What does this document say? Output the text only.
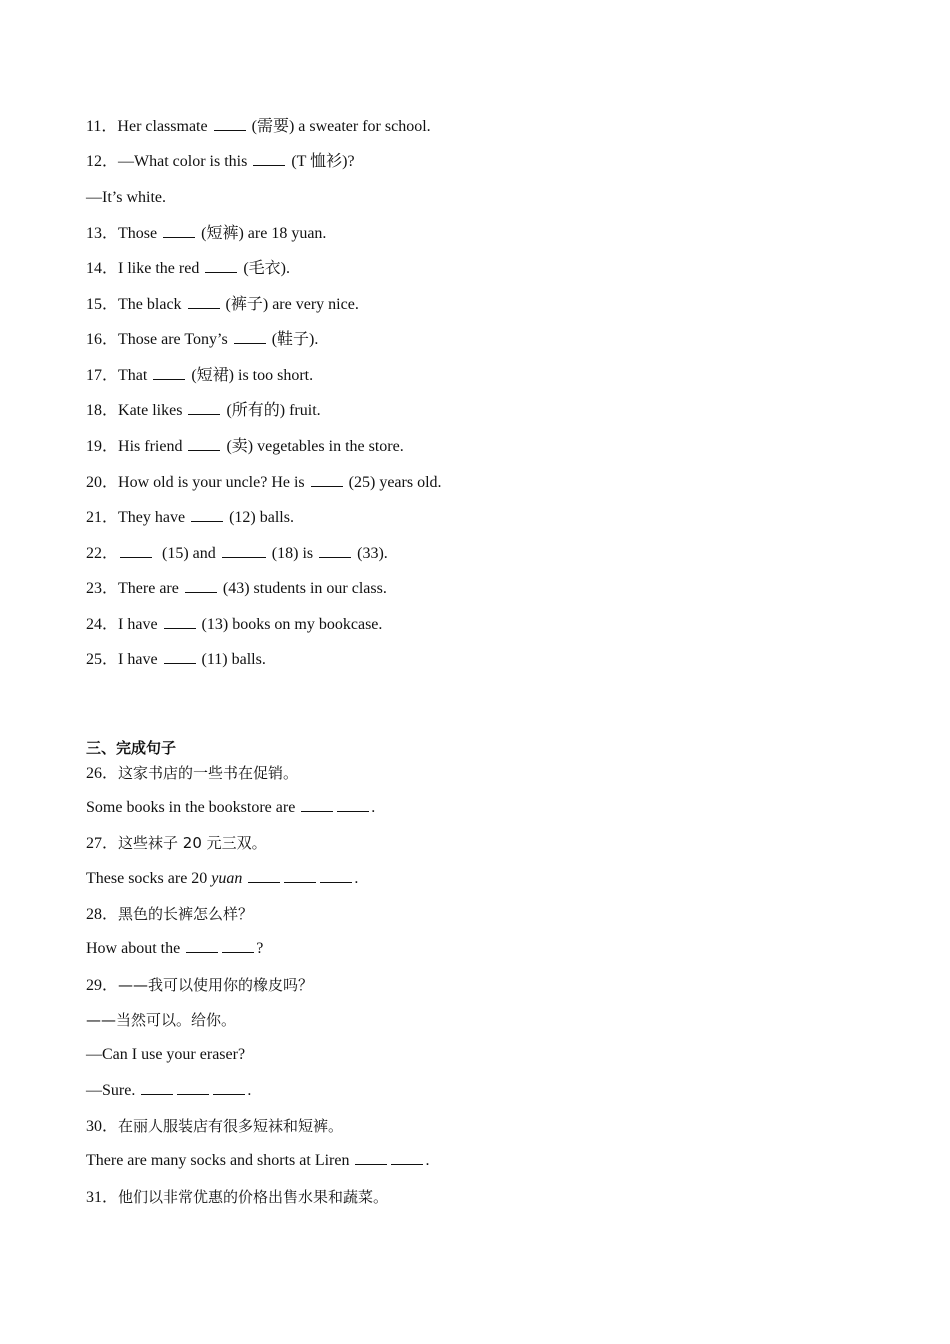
11．Her classmate  (需要) a sweater for school.

12．—What color is this  (T 恤衫)?

—It’s white.

13．Those  (短裤) are 18 yuan.

14．I like the red  (毛衣).

15．The black  (裤子) are very nice.

16．Those are Tony’s  (鞋子).

17．That  (短裙) is too short.

18．Kate likes  (所有的) fruit.

19．His friend  (卖) vegetables in the store.

20．How old is your uncle? He is  (25) years old.

21．They have  (12) balls.

22．  (15) and	(18) is  (33).

23．There are  (43) students in our class.

24．I have  (13) books on my bookcase.

25．I have  (11) balls.

三、完成句子

26．这家书店的一些书在促销。

Some books in the bookstore are	.

27．这些袜子 20 元三双。

These socks are 20 yuan	.

28．黑色的长裤怎么样？

How about the	?

29．——我可以使用你的橡皮吗？

——当然可以。给你。

—Can I use your eraser?

—Sure.	.

30．在丽人服装店有很多短袜和短裤。

There are many socks and shorts at Liren	.

31．他们以非常优惠的价格出售水果和蔬菜。
